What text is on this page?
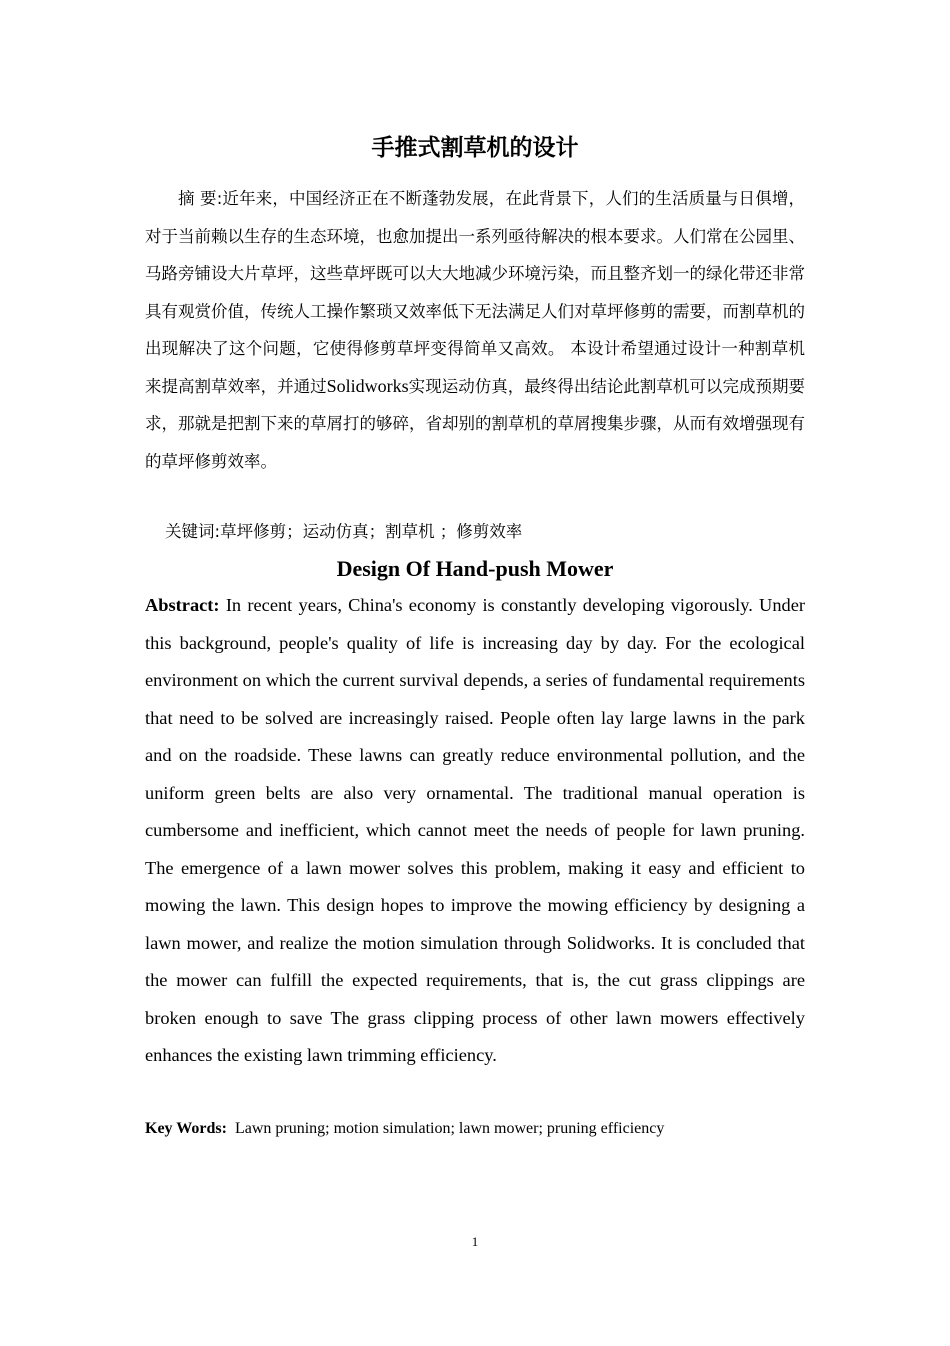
手推式割草机的设计

摘 要:近年来，中国经济正在不断蓬勃发展，在此背景下，人们的生活质量与日俱增，对于当前赖以生存的生态环境，也愈加提出一系列亟待解决的根本要求。人们常在公园里、马路旁铺设大片草坪，这些草坪既可以大大地减少环境污染，而且整齐划一的绿化带还非常具有观赏价值，传统人工操作繁琐又效率低下无法满足人们对草坪修剪的需要，而割草机的出现解决了这个问题，它使得修剪草坪变得简单又高效。 本设计希望通过设计一种割草机来提高割草效率，并通过Solidworks实现运动仿真，最终得出结论此割草机可以完成预期要求，那就是把割下来的草屑打的够碎，省却别的割草机的草屑搜集步骤，从而有效增强现有的草坪修剪效率。

关键词:草坪修剪；运动仿真；割草机 ；修剪效率

Design Of Hand-push Mower

Abstract: In recent years, China's economy is constantly developing vigorously. Under this background, people's quality of life is increasing day by day. For the ecological environment on which the current survival depends, a series of fundamental requirements that need to be solved are increasingly raised. People often lay large lawns in the park and on the roadside. These lawns can greatly reduce environmental pollution, and the uniform green belts are also very ornamental. The traditional manual operation is cumbersome and inefficient, which cannot meet the needs of people for lawn pruning. The emergence of a lawn mower solves this problem, making it easy and efficient to mowing the lawn. This design hopes to improve the mowing efficiency by designing a lawn mower, and realize the motion simulation through Solidworks. It is concluded that the mower can fulfill the expected requirements, that is, the cut grass clippings are broken enough to save The grass clipping process of other lawn mowers effectively enhances the existing lawn trimming efficiency.

Key Words: Lawn pruning; motion simulation; lawn mower; pruning efficiency

1
